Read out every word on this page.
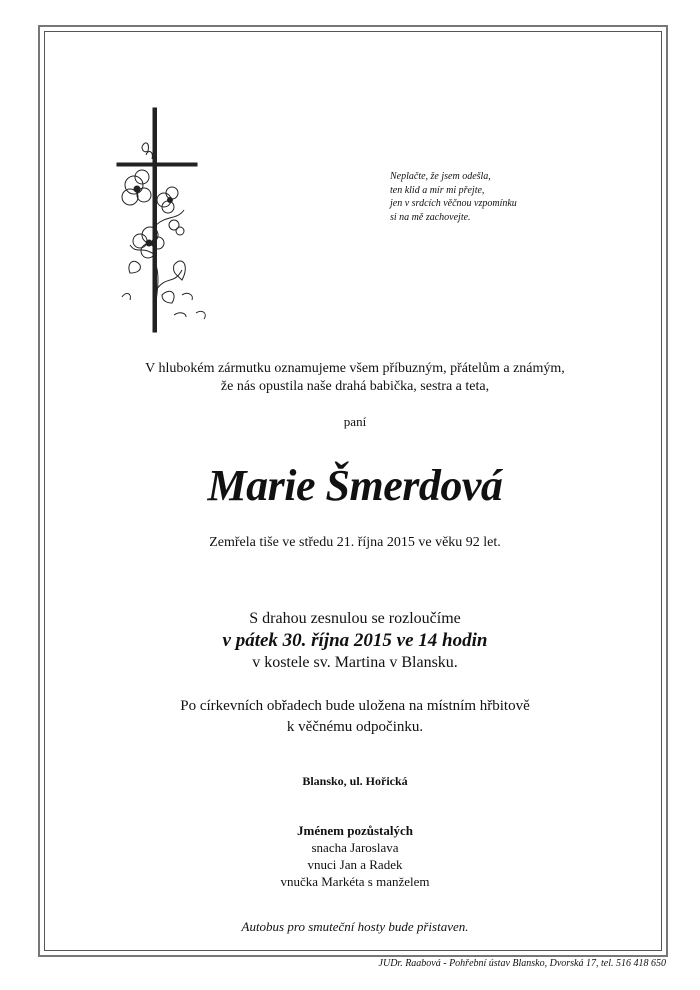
Neplačte, že jsem odešla,
ten klid a mír mi přejte,
jen v srdcích věčnou vzpomínku
si na mě zachovejte.
V hlubokém zármutku oznamujeme všem příbuzným, přátelům a známým,
že nás opustila naše drahá babička, sestra a teta,
paní
Marie Šmerdová
Zemřela tiše ve středu 21. října 2015 ve věku 92 let.
S drahou zesnulou se rozloučíme
v pátek 30. října 2015 ve 14 hodin
v kostele sv. Martina v Blansku.
Po církevních obřadech bude uložena na místním hřbitově
k věčnému odpočinku.
Blansko, ul. Hořická
Jménem pozůstalých
snacha Jaroslava
vnuci Jan a Radek
vnučka Markéta s manželem
Autobus pro smuteční hosty bude přistaven.
JUDr. Raabová - Pohřební ústav Blansko, Dvorská 17, tel. 516 418 650
